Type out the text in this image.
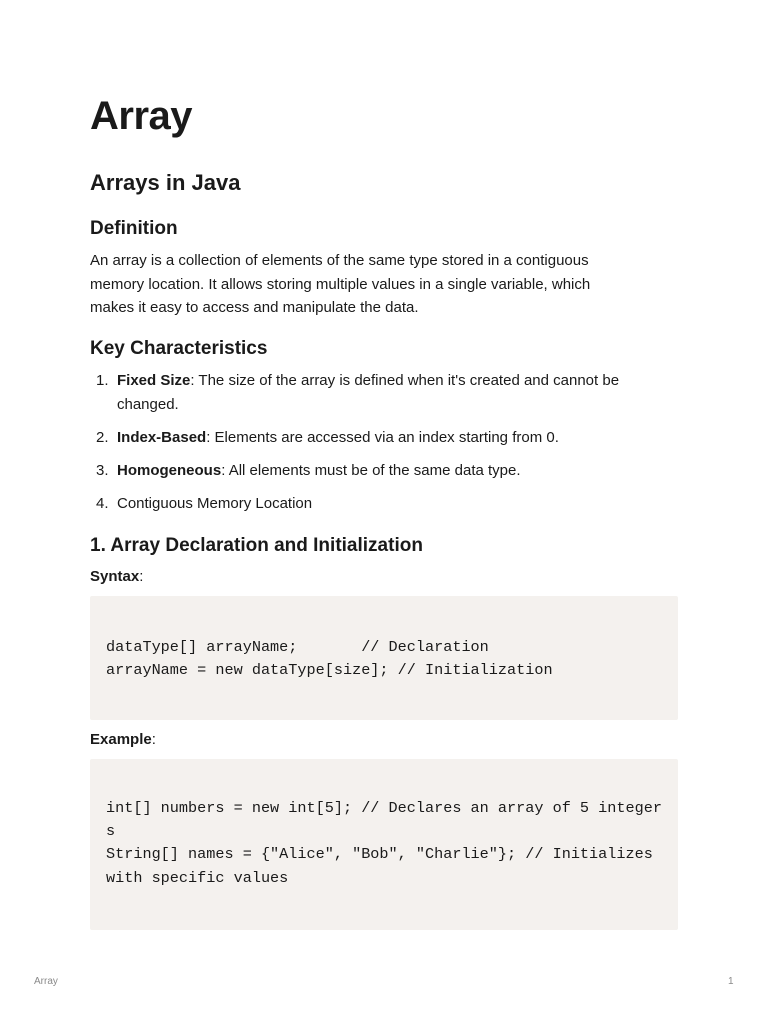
Array
Arrays in Java
Definition

An array is a collection of elements of the same type stored in a contiguous
memory location. It allows storing multiple values in a single variable, which
makes it easy to access and manipulate the data.

Key Characteristics
1. Fixed Size: The size of the array is defined when it's created and cannot be
changed.
2. Index-Based: Elements are accessed via an index starting from 0.
3. Homogeneous: All elements must be of the same data type.
4. Contiguous Memory Location
1. Array Declaration and Initialization

Syntax:

dataType[] arrayName;       // Declaration
arrayName = new dataType[size]; // Initialization

Example:

int[] numbers = new int[5]; // Declares an array of 5 integer
s
String[] names = {"Alice", "Bob", "Charlie"}; // Initializes
with specific values
Array	1
